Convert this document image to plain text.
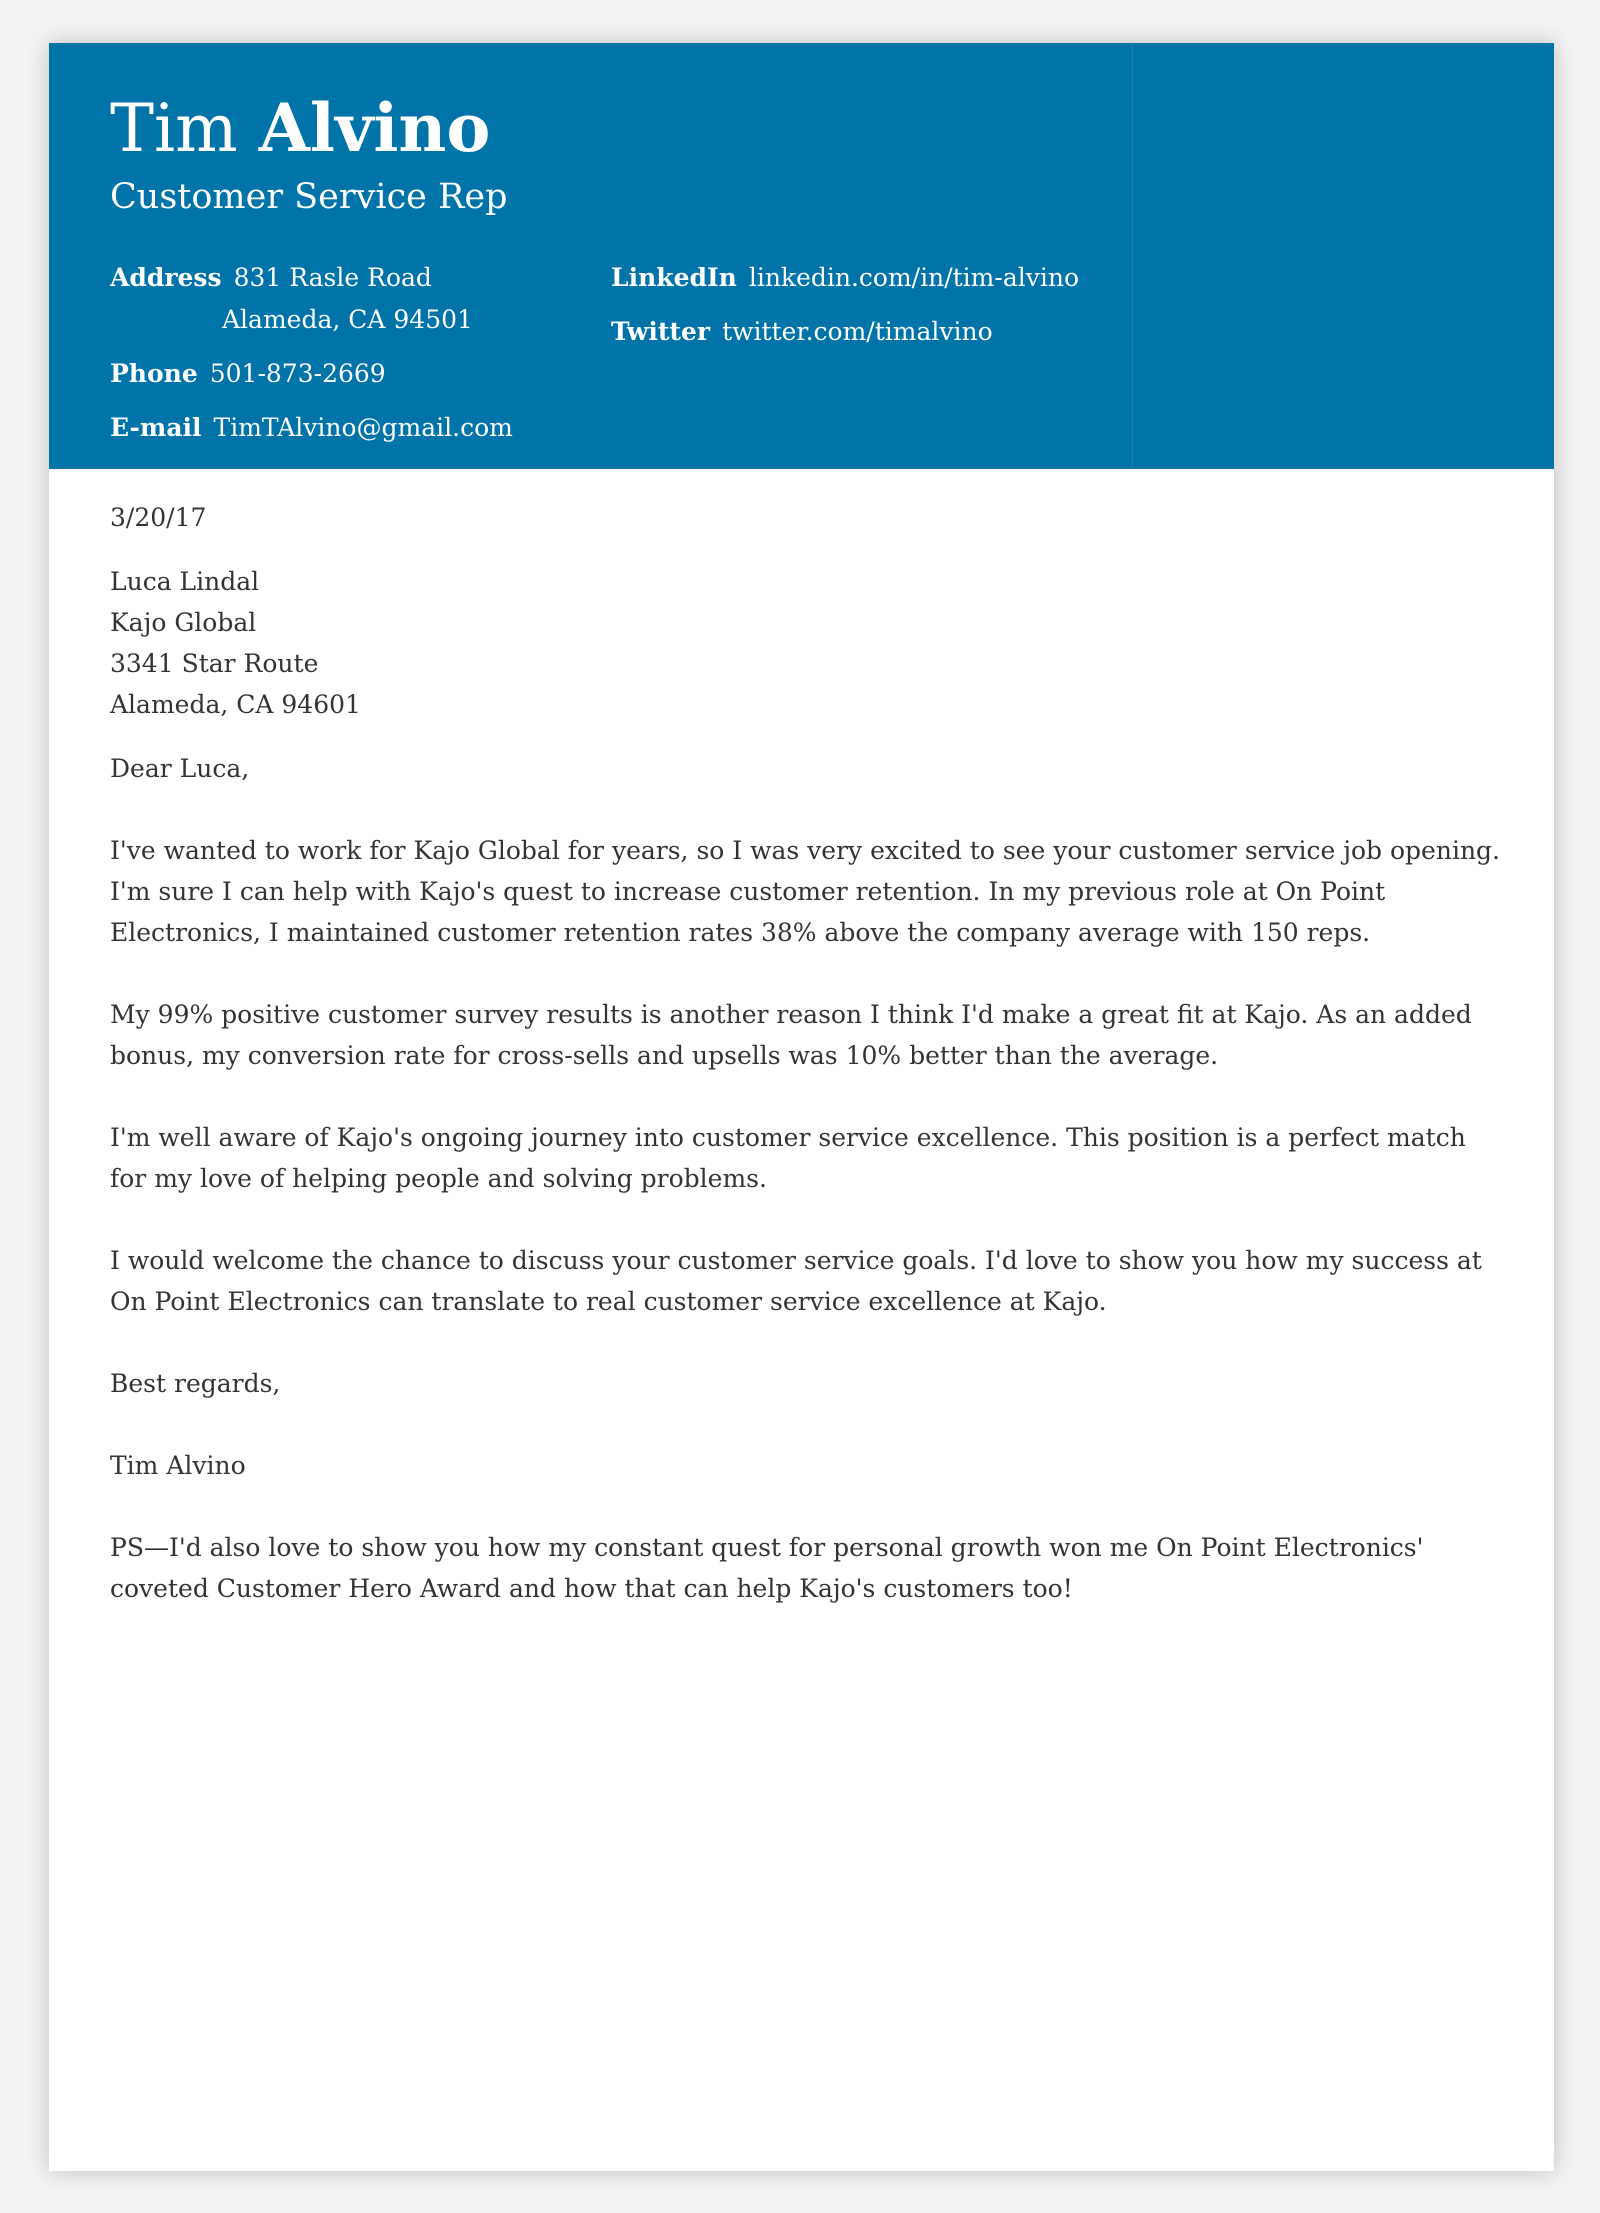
Tim Alvino
Customer Service Rep
Address 831 Rasle Road
Alameda, CA 94501
Phone 501-873-2669
E-mail TimTAlvino@gmail.com
LinkedIn linkedin.com/in/tim-alvino
Twitter twitter.com/timalvino
3/20/17

Luca Lindal

Kajo Global

3341 Star Route

Alameda, CA 94601

Dear Luca,
I've wanted to work for Kajo Global for years, so I was very excited to see your customer service job opening. I'm sure I can help with Kajo's quest to increase customer retention. In my previous role at On Point Electronics, I maintained customer retention rates 38% above the company average with 150 reps.
My 99% positive customer survey results is another reason I think I'd make a great fit at Kajo. As an added bonus, my conversion rate for cross-sells and upsells was 10% better than the average.
I'm well aware of Kajo's ongoing journey into customer service excellence. This position is a perfect match for my love of helping people and solving problems.
I would welcome the chance to discuss your customer service goals. I'd love to show you how my success at On Point Electronics can translate to real customer service excellence at Kajo.
Best regards,
Tim Alvino
PS—I'd also love to show you how my constant quest for personal growth won me On Point Electronics' coveted Customer Hero Award and how that can help Kajo's customers too!
